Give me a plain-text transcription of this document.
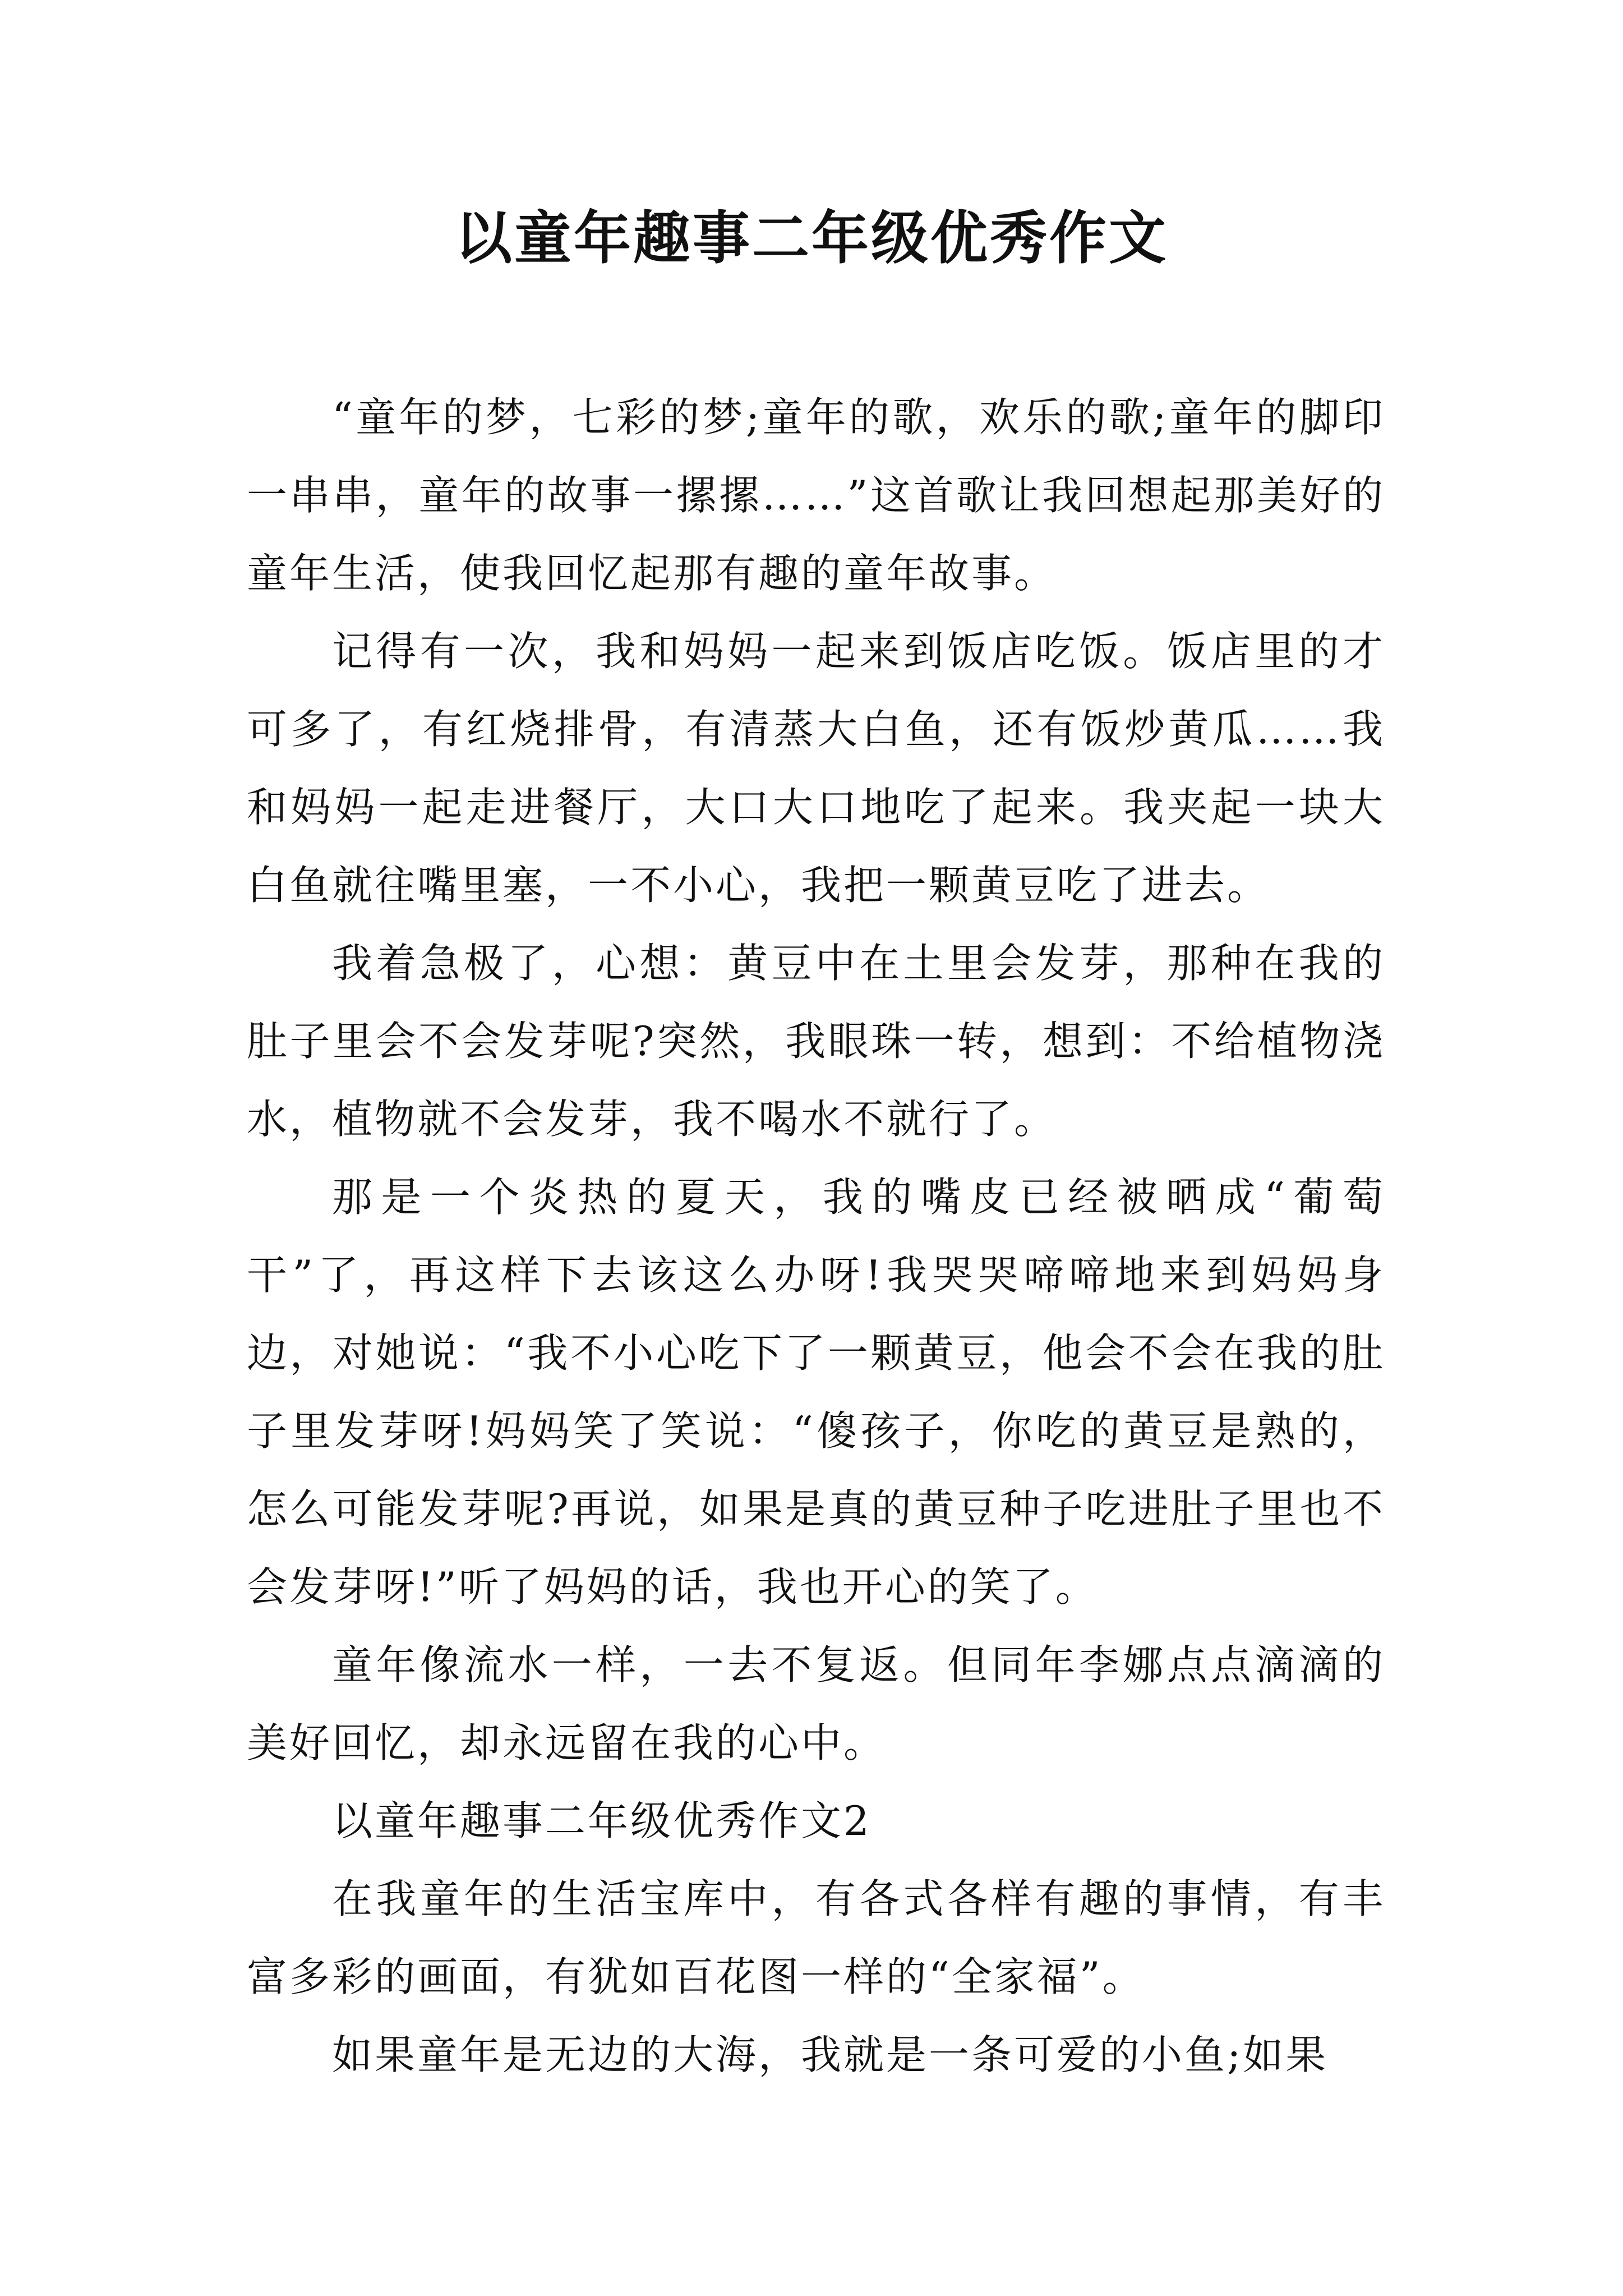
以童年趣事二年级优秀作文

“童年的梦，七彩的梦;童年的歌，欢乐的歌;童年的脚印一串串，童年的故事一摞摞……”这首歌让我回想起那美好的童年生活，使我回忆起那有趣的童年故事。

记得有一次，我和妈妈一起来到饭店吃饭。饭店里的才可多了，有红烧排骨，有清蒸大白鱼，还有饭炒黄瓜……我和妈妈一起走进餐厅，大口大口地吃了起来。我夹起一块大白鱼就往嘴里塞，一不小心，我把一颗黄豆吃了进去。

我着急极了，心想：黄豆中在土里会发芽，那种在我的肚子里会不会发芽呢?突然，我眼珠一转，想到：不给植物浇水，植物就不会发芽，我不喝水不就行了。

那是一个炎热的夏天，我的嘴皮已经被晒成“葡萄干”了，再这样下去该这么办呀!我哭哭啼啼地来到妈妈身边，对她说：“我不小心吃下了一颗黄豆，他会不会在我的肚子里发芽呀!妈妈笑了笑说：“傻孩子，你吃的黄豆是熟的，怎么可能发芽呢?再说，如果是真的黄豆种子吃进肚子里也不会发芽呀!”听了妈妈的话，我也开心的笑了。

童年像流水一样，一去不复返。但同年李娜点点滴滴的美好回忆，却永远留在我的心中。

以童年趣事二年级优秀作文2

在我童年的生活宝库中，有各式各样有趣的事情，有丰富多彩的画面，有犹如百花图一样的“全家福”。

如果童年是无边的大海，我就是一条可爱的小鱼;如果
